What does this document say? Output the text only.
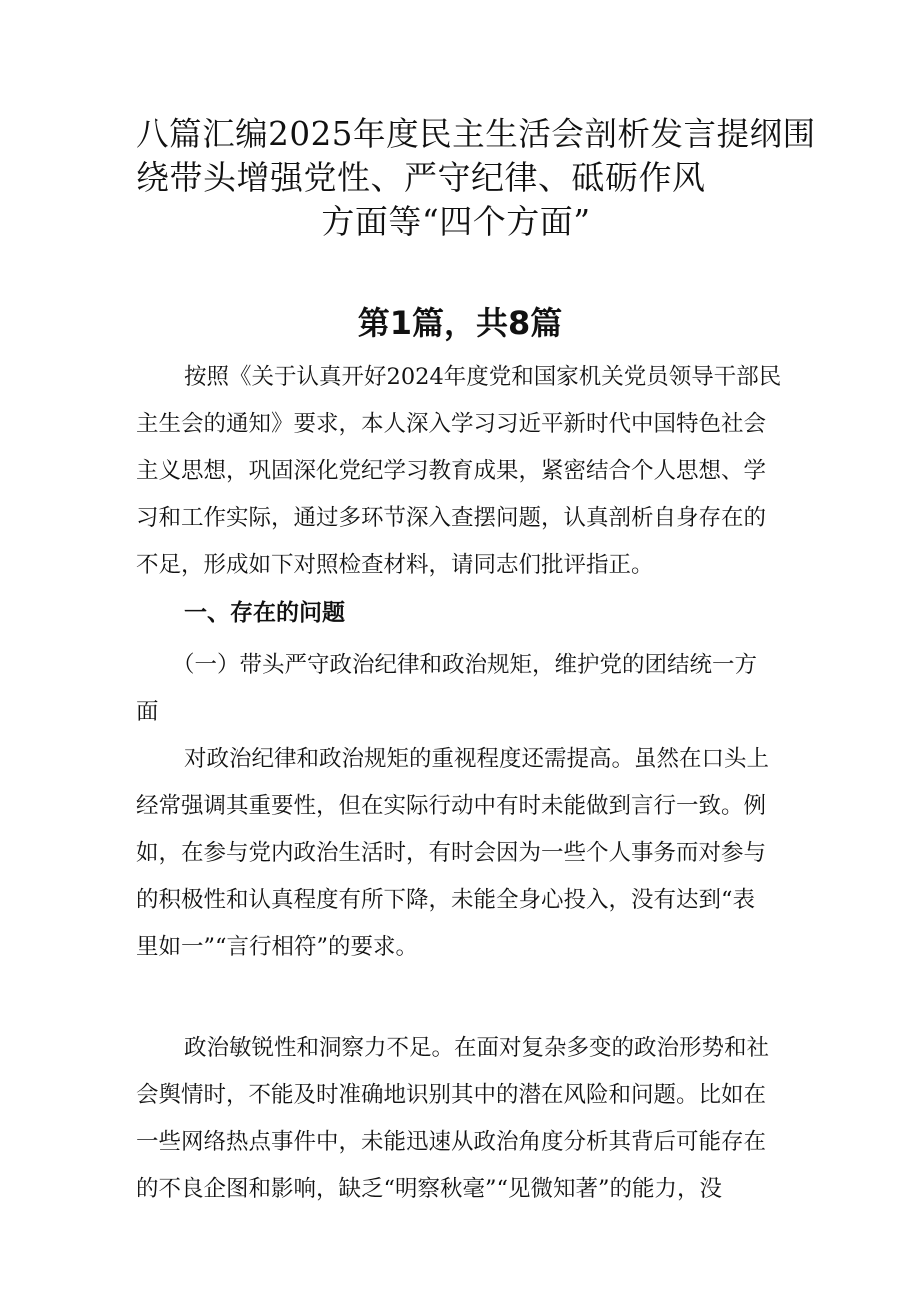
八篇汇编2025年度民主生活会剖析发言提纲围
绕带头增强党性、严守纪律、砥砺作风
方面等“四个方面”
第1篇，共8篇
按照《关于认真开好2024年度党和国家机关党员领导干部民
主生会的通知》要求，本人深入学习习近平新时代中国特色社会
主义思想，巩固深化党纪学习教育成果，紧密结合个人思想、学
习和工作实际，通过多环节深入查摆问题，认真剖析自身存在的
不足，形成如下对照检查材料，请同志们批评指正。
一、存在的问题
（一）带头严守政治纪律和政治规矩，维护党的团结统一方
面
对政治纪律和政治规矩的重视程度还需提高。虽然在口头上
经常强调其重要性，但在实际行动中有时未能做到言行一致。例
如，在参与党内政治生活时，有时会因为一些个人事务而对参与
的积极性和认真程度有所下降，未能全身心投入，没有达到“表
里如一”“言行相符”的要求。
政治敏锐性和洞察力不足。在面对复杂多变的政治形势和社
会舆情时，不能及时准确地识别其中的潜在风险和问题。比如在
一些网络热点事件中，未能迅速从政治角度分析其背后可能存在
的不良企图和影响，缺乏“明察秋毫”“见微知著”的能力，没
